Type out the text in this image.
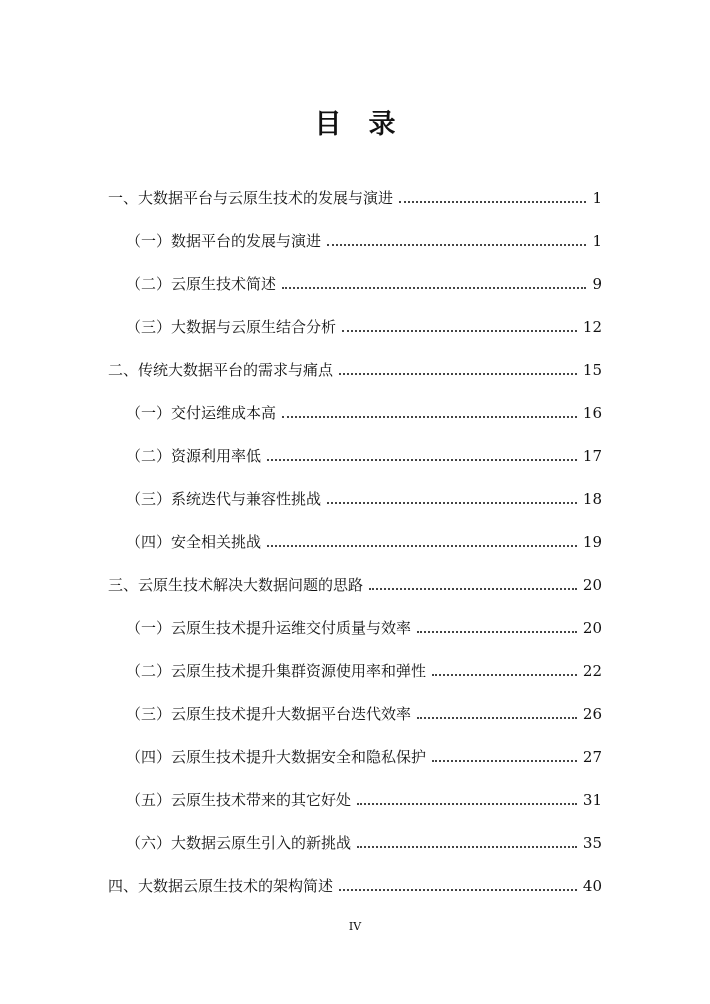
目　录
一、大数据平台与云原生技术的发展与演进	1
（一）数据平台的发展与演进	1
（二）云原生技术简述	9
（三）大数据与云原生结合分析	12
二、传统大数据平台的需求与痛点	15
（一）交付运维成本高	16
（二）资源利用率低	17
（三）系统迭代与兼容性挑战	18
（四）安全相关挑战	19
三、云原生技术解决大数据问题的思路	20
（一）云原生技术提升运维交付质量与效率	20
（二）云原生技术提升集群资源使用率和弹性	22
（三）云原生技术提升大数据平台迭代效率	26
（四）云原生技术提升大数据安全和隐私保护	27
（五）云原生技术带来的其它好处	31
（六）大数据云原生引入的新挑战	35
四、大数据云原生技术的架构简述	40
IV
